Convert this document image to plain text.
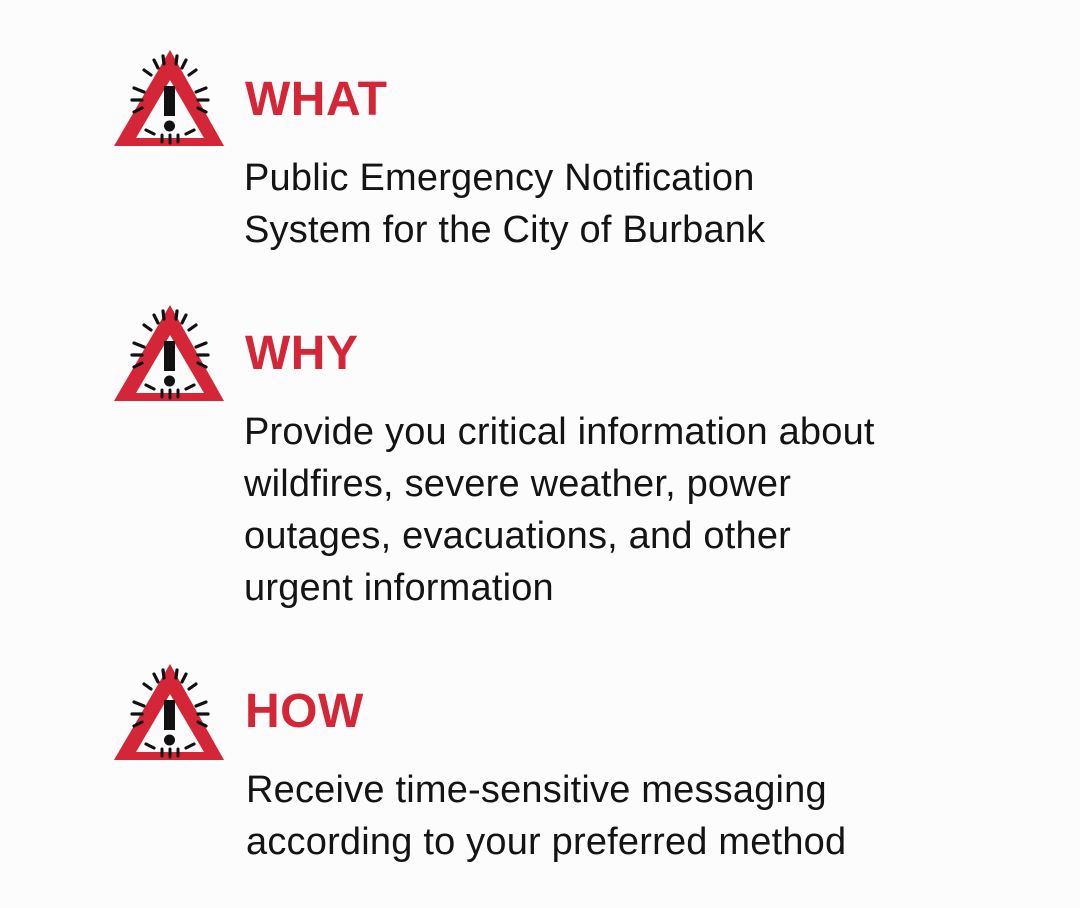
WHAT

Public Emergency Notification
System for the City of Burbank

WHY

Provide you critical information about
wildfires, severe weather, power
outages, evacuations, and other
urgent information

HOW

Receive time-sensitive messaging
according to your preferred method
